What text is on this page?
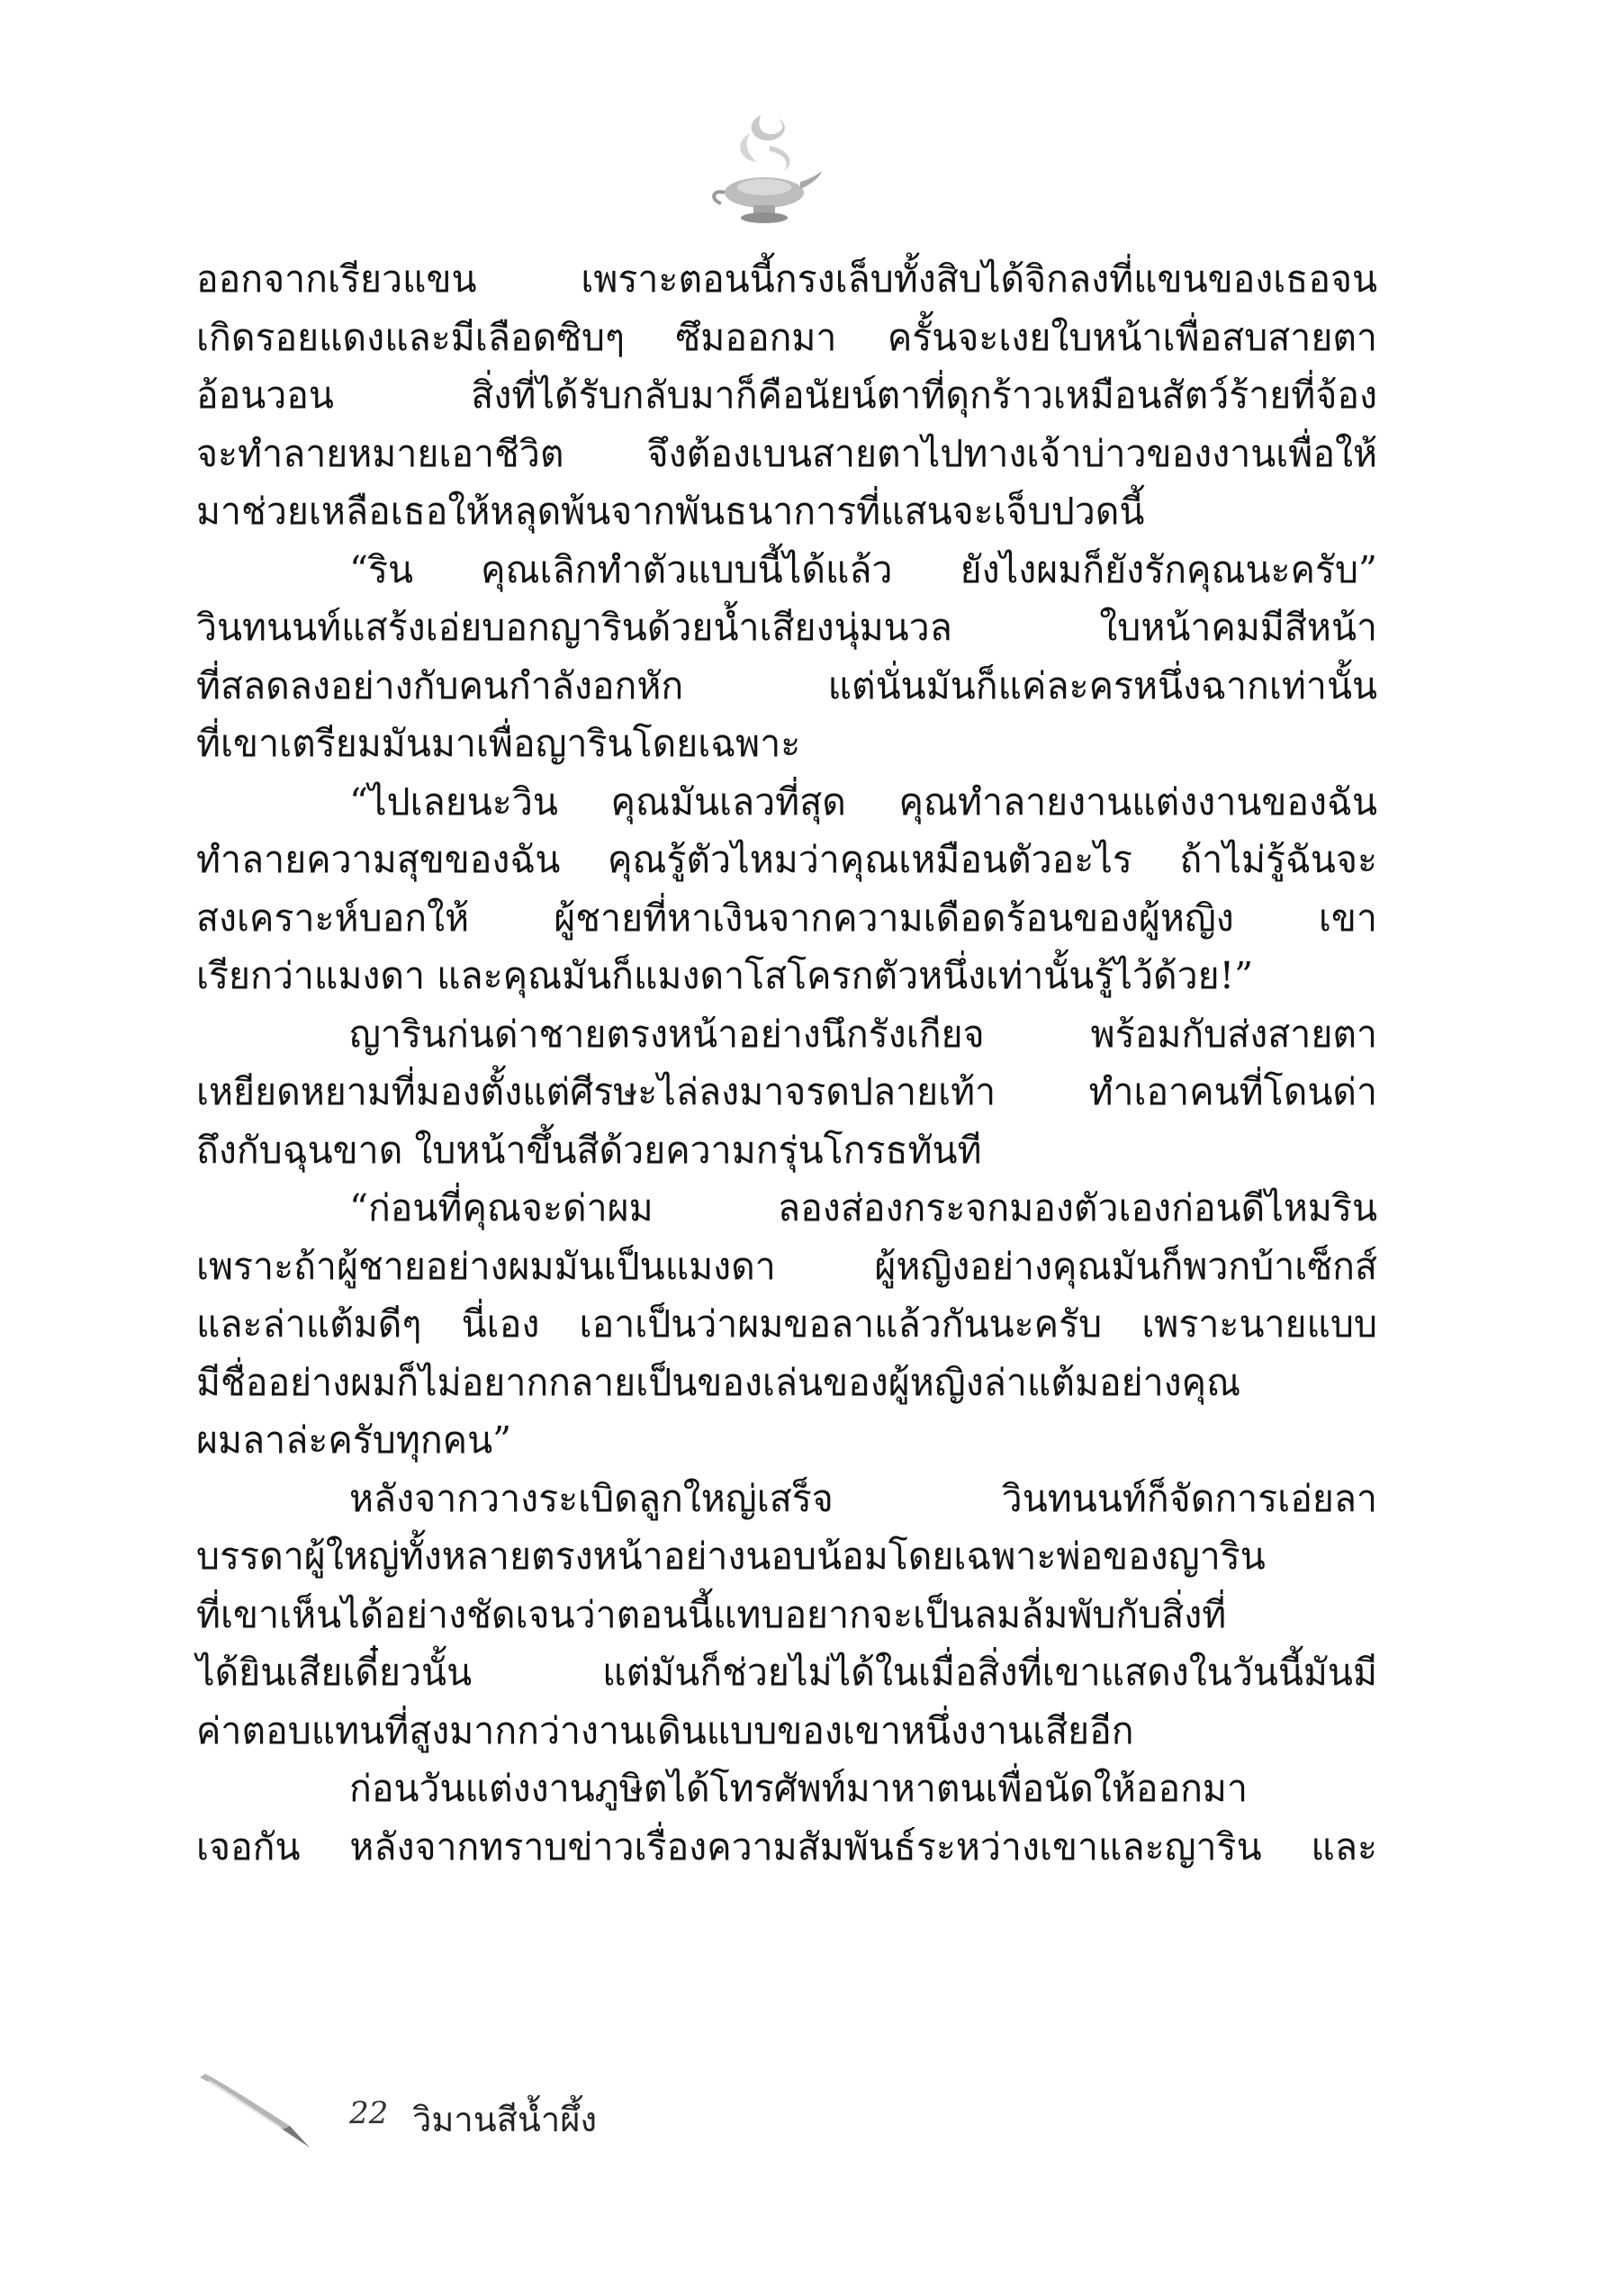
ออกจากเรียวแขน เพราะตอนนี้กรงเล็บทั้งสิบได้จิกลงที่แขนของเธอจน

เกิดรอยแดงและมีเลือดซิบๆ ซึมออกมา ครั้นจะเงยใบหน้าเพื่อสบสายตา

อ้อนวอน สิ่งที่ได้รับกลับมาก็คือนัยน์ตาที่ดุกร้าวเหมือนสัตว์ร้ายที่จ้อง

จะทำลายหมายเอาชีวิต จึงต้องเบนสายตาไปทางเจ้าบ่าวของงานเพื่อให้

มาช่วยเหลือเธอให้หลุดพ้นจากพันธนาการที่แสนจะเจ็บปวดนี้

“ริน คุณเลิกทำตัวแบบนี้ได้แล้ว ยังไงผมก็ยังรักคุณนะครับ”

วินทนนท์แสร้งเอ่ยบอกญารินด้วยน้ำเสียงนุ่มนวล ใบหน้าคมมีสีหน้า

ที่สลดลงอย่างกับคนกำลังอกหัก แต่นั่นมันก็แค่ละครหนึ่งฉากเท่านั้น

ที่เขาเตรียมมันมาเพื่อญารินโดยเฉพาะ

“ไปเลยนะวิน คุณมันเลวที่สุด คุณทำลายงานแต่งงานของฉัน

ทำลายความสุขของฉัน คุณรู้ตัวไหมว่าคุณเหมือนตัวอะไร ถ้าไม่รู้ฉันจะ

สงเคราะห์บอกให้ ผู้ชายที่หาเงินจากความเดือดร้อนของผู้หญิง เขา

เรียกว่าแมงดา และคุณมันก็แมงดาโสโครกตัวหนึ่งเท่านั้นรู้ไว้ด้วย!”

ญารินก่นด่าชายตรงหน้าอย่างนึกรังเกียจ พร้อมกับส่งสายตา

เหยียดหยามที่มองตั้งแต่ศีรษะไล่ลงมาจรดปลายเท้า ทำเอาคนที่โดนด่า

ถึงกับฉุนขาด ใบหน้าขึ้นสีด้วยความกรุ่นโกรธทันที

“ก่อนที่คุณจะด่าผม ลองส่องกระจกมองตัวเองก่อนดีไหมริน

เพราะถ้าผู้ชายอย่างผมมันเป็นแมงดา ผู้หญิงอย่างคุณมันก็พวกบ้าเซ็กส์

และล่าแต้มดีๆ นี่เอง เอาเป็นว่าผมขอลาแล้วกันนะครับ เพราะนายแบบ

มีชื่ออย่างผมก็ไม่อยากกลายเป็นของเล่นของผู้หญิงล่าแต้มอย่างคุณ

ผมลาล่ะครับทุกคน”

หลังจากวางระเบิดลูกใหญ่เสร็จ วินทนนท์ก็จัดการเอ่ยลา

บรรดาผู้ใหญ่ทั้งหลายตรงหน้าอย่างนอบน้อมโดยเฉพาะพ่อของญาริน

ที่เขาเห็นได้อย่างชัดเจนว่าตอนนี้แทบอยากจะเป็นลมล้มพับกับสิ่งที่

ได้ยินเสียเดี๋ยวนั้น แต่มันก็ช่วยไม่ได้ในเมื่อสิ่งที่เขาแสดงในวันนี้มันมี

ค่าตอบแทนที่สูงมากกว่างานเดินแบบของเขาหนึ่งงานเสียอีก

ก่อนวันแต่งงานภูษิตได้โทรศัพท์มาหาตนเพื่อนัดให้ออกมา

เจอกัน หลังจากทราบข่าวเรื่องความสัมพันธ์ระหว่างเขาและญาริน และ

22 วิมานสีน้ำผึ้ง
